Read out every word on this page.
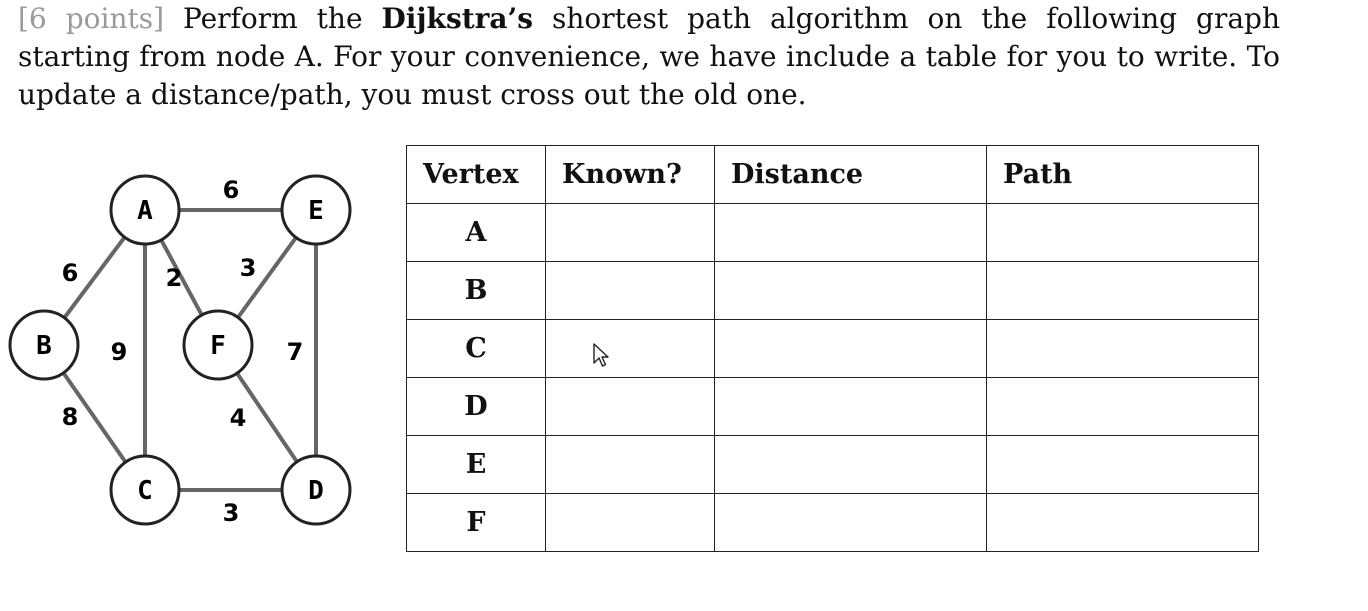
[6 points] Perform the Dijkstra’s shortest path algorithm on the following graph starting from node A. For your convenience, we have include a table for you to write. To update a distance/path, you must cross out the old one.
A	E
B	F
C	D
6
6	2 3
9	7
8	4
3
Vertex	Known?	Distance	Path
A			
B			
C			
D			
E			
F			
